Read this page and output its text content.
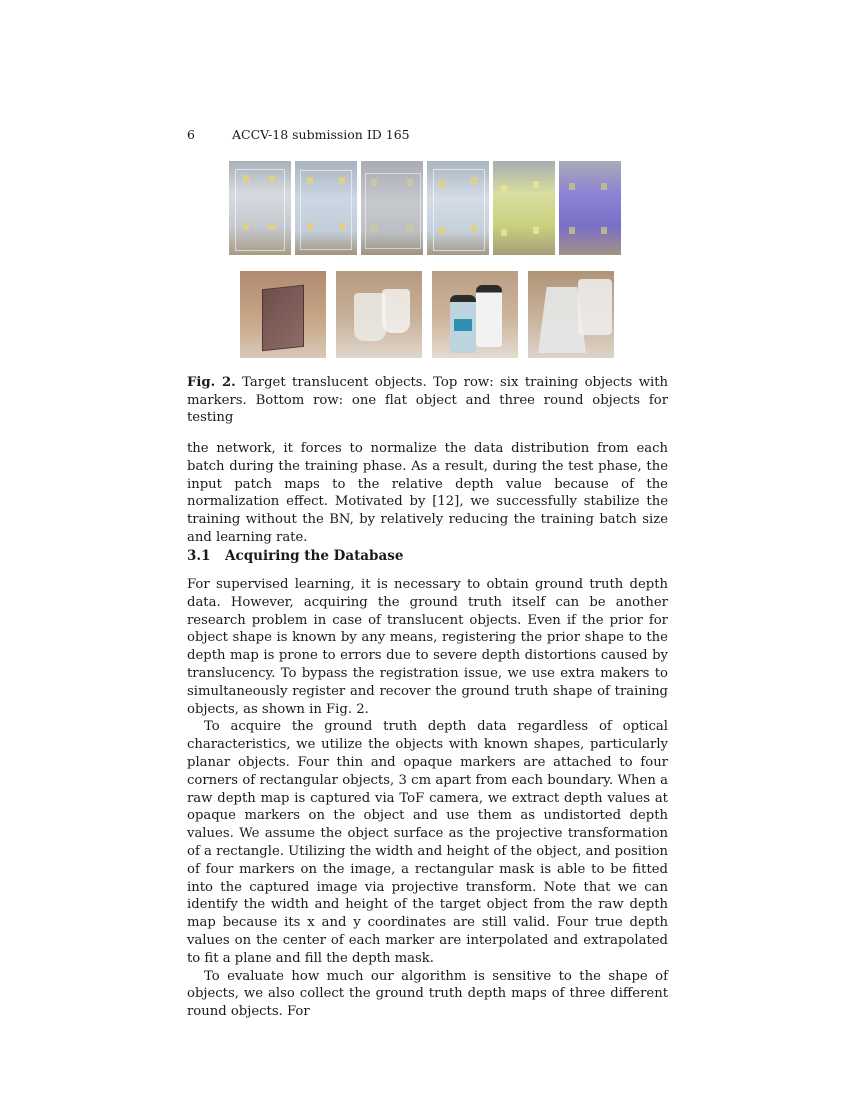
6	ACCV-18 submission ID 165
Fig. 2. Target translucent objects. Top row: six training objects with markers. Bottom row: one flat object and three round objects for testing

the network, it forces to normalize the data distribution from each batch during the training phase. As a result, during the test phase, the input patch maps to the relative depth value because of the normalization effect. Motivated by [12], we successfully stabilize the training without the BN, by relatively reducing the training batch size and learning rate.

3.1 Acquiring the Database

For supervised learning, it is necessary to obtain ground truth depth data. However, acquiring the ground truth itself can be another research problem in case of translucent objects. Even if the prior for object shape is known by any means, registering the prior shape to the depth map is prone to errors due to severe depth distortions caused by translucency. To bypass the registration issue, we use extra makers to simultaneously register and recover the ground truth shape of training objects, as shown in Fig. 2.

To acquire the ground truth depth data regardless of optical characteristics, we utilize the objects with known shapes, particularly planar objects. Four thin and opaque markers are attached to four corners of rectangular objects, 3 cm apart from each boundary. When a raw depth map is captured via ToF camera, we extract depth values at opaque markers on the object and use them as undistorted depth values. We assume the object surface as the projective transformation of a rectangle. Utilizing the width and height of the object, and position of four markers on the image, a rectangular mask is able to be fitted into the captured image via projective transform. Note that we can identify the width and height of the target object from the raw depth map because its x and y coordinates are still valid. Four true depth values on the center of each marker are interpolated and extrapolated to fit a plane and fill the depth mask.

To evaluate how much our algorithm is sensitive to the shape of objects, we also collect the ground truth depth maps of three different round objects. For
